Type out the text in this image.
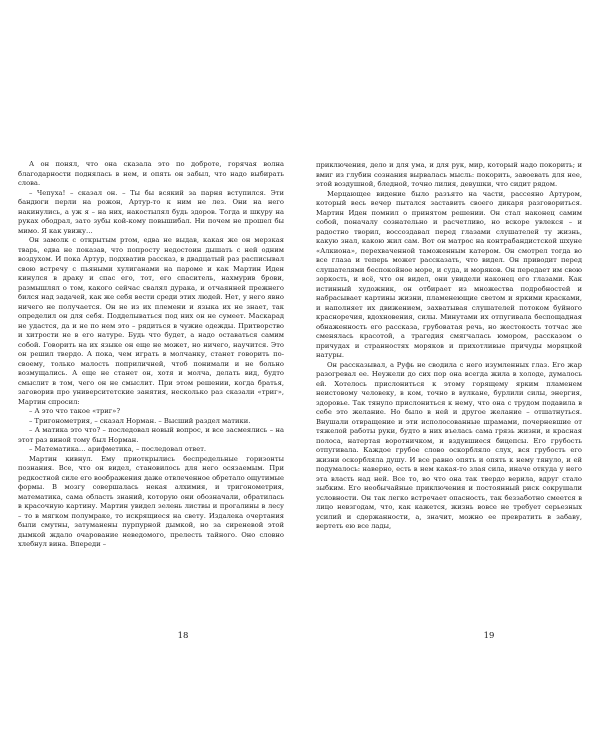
А он понял, что она сказала это по доброте, горячая волна благодарности поднялась в нем, и опять он забыл, что надо выбирать слова.

– Чепуха! – сказал он. – Ты бы всякий за парня вступился. Эти бандюги перли на рожон, Артур-то к ним не лез. Они на него накинулись, а уж я – на них, накостылял будь здоров. Тогда и шкуру на руках ободрал, зато зубы кой-кому повышибал. Ни почем не прошел бы мимо. Я как увижу…

Он замолк с открытым ртом, едва не выдав, какая же он мерзкая тварь, едва не показав, что попросту недостоин дышать с ней одним воздухом. И пока Артур, подхватив рассказ, в двадцатый раз расписывал свою встречу с пьяными хулиганами на пароме и как Мартин Иден кинулся в драку и спас его, тот, его спаситель, нахмурив брови, размышлял о том, какого сейчас свалял дурака, и отчаянней прежнего бился над задачей, как же себя вести среди этих людей. Нет, у него явно ничего не получается. Он не из их племени и языка их не знает, так определил он для себя. Подделываться под них он не сумеет. Маскарад не удастся, да и не по нем это – рядиться в чужие одежды. Притворство и хитрости не в его натуре. Будь что будет, а надо оставаться самим собой. Говорить на их языке он еще не может, но ничего, научится. Это он решил твердо. А пока, чем играть в молчанку, станет говорить по-своему, только малость поприличней, чтоб понимали и не больно возмущались. А еще не станет он, хотя и молча, делать вид, будто смыслит в том, чего он не смыслит. При этом решении, когда братья, заговорив про университетские занятия, несколько раз сказали «триг», Мартин спросил:

– А это что такое «триг»?

– Тригонометрия, – сказал Норман. – Высший раздел матики.

– А матика это что? – последовал новый вопрос, и все засмеялись – на этот раз виной тому был Норман.

– Математика… арифметика, – последовал ответ.

Мартин кивнул. Ему приоткрылись беспредельные горизонты познания. Все, что он видел, становилось для него осязаемым. При редкостной силе его воображения даже отвлеченное обретало ощутимые формы. В мозгу совершалась некая алхимия, и тригонометрия, математика, сама область знаний, которую они обозначали, обратилась в красочную картину. Мартин увидел зелень листвы и прогалины в лесу – то в мягком полумраке, то искрящиеся на свету. Издалека очертания были смутны, затуманены пурпурной дымкой, но за сиреневой этой дымкой ждало очарование неведомого, прелесть тайного. Оно словно хлебнул вина. Впереди –

18

приключения, дело и для ума, и для рук, мир, который надо покорить; и вмиг из глубин сознания вырвалась мысль: покорить, завоевать для нее, этой воздушной, бледной, точно лилия, девушки, что сидит рядом.

Мерцающее видение было разъято на части, рассеяно Артуром, который весь вечер пытался заставить своего дикаря разговориться. Мартин Иден помнил о принятом решении. Он стал наконец самим собой, поначалу сознательно и расчетливо, но вскоре увлекся – и радостно творил, воссоздавал перед глазами слушателей ту жизнь, какую знал, какою жил сам. Вот он матрос на контрабандистской шхуне «Алкиона», перехваченной таможенным катером. Он смотрел тогда во все глаза и теперь может рассказать, что видел. Он приводит перед слушателями беспокойное море, и суда, и моряков. Он передает им свою зоркость, и всё, что он видел, они увидели наконец его глазами. Как истинный художник, он отбирает из множества подробностей и набрасывает картины жизни, пламенеющие светом и яркими красками, и наполняет их движением, захватывая слушателей потоком буйного красноречия, вдохновения, силы. Минутами их отпугивала беспощадная обнаженность его рассказа, грубоватая речь, но жестокость тотчас же сменялась красотой, а трагедия смягчалась юмором, рассказом о причудах и странностях моряков и прихотливые причуды моряцкой натуры.

Он рассказывал, а Руфь не сводила с него изумленных глаз. Его жар разогревал ее. Неужели до сих пор она всегда жила в холоде, думалось ей. Хотелось прислониться к этому горящему ярким пламенем неистовому человеку, в ком, точно в вулкане, бурлили силы, энергия, здоровье. Так тянуло прислониться к нему, что она с трудом подавила в себе это желание. Но было в ней и другое желание – отшатнуться. Внушали отвращение и эти исполосованные шрамами, почерневшие от тяжелой работы руки, будто в них въелась сама грязь жизни, и красная полоса, натертая воротничком, и вздувшиеся бицепсы. Его грубость отпугивала. Каждое грубое слово оскорбляло слух, вся грубость его жизни оскорбляла душу. И все равно опять и опять к нему тянуло, и ей подумалось: наверно, есть в нем какая-то злая сила, иначе откуда у него эта власть над ней. Все то, во что она так твердо верила, вдруг стало зыбким. Его необычайные приключения и постоянный риск сокрушали условности. Он так легко встречает опасность, так беззаботно смеется в лицо невзгодам, что, как кажется, жизнь вовсе не требует серьезных усилий и сдержанности, а, значит, можно ее превратить в забаву, вертеть ею все лады,

19
